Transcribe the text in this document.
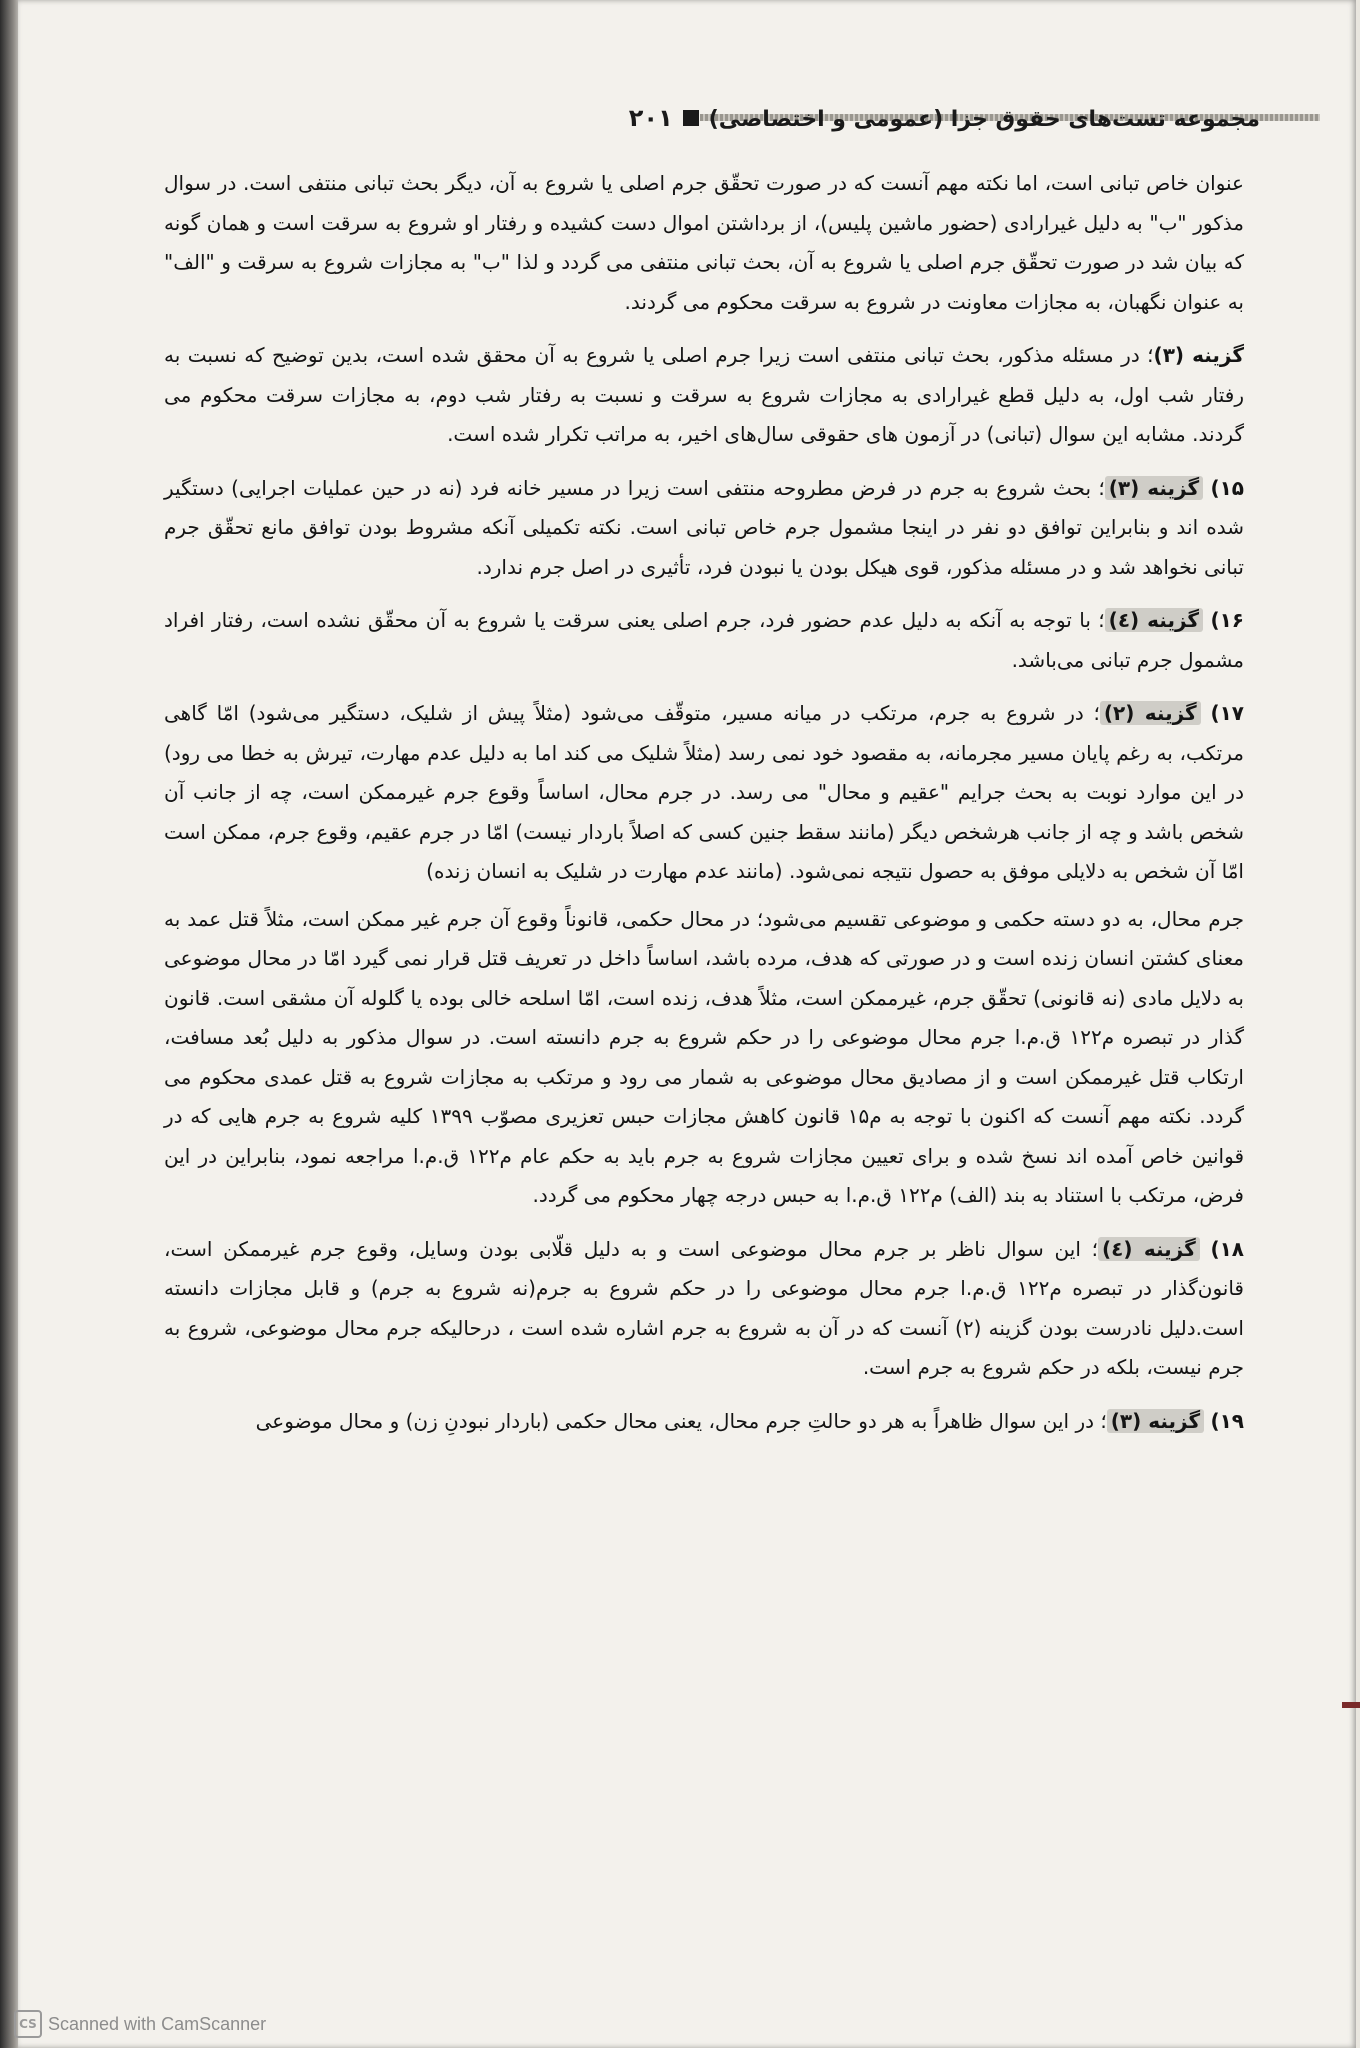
مجموعه تست‌های حقوق جزا (عمومی و اختصاصی)
۲۰۱

عنوان خاص تبانی است، اما نکته مهم آنست که در صورت تحقّق جرم اصلی یا شروع به آن، دیگر بحث تبانی منتفی است. در سوال مذکور "ب" به دلیل غیرارادی (حضور ماشین پلیس)، از برداشتن اموال دست کشیده و رفتار او شروع به سرقت است و همان گونه که بیان شد در صورت تحقّق جرم اصلی یا شروع به آن، بحث تبانی منتفی می گردد و لذا "ب" به مجازات شروع به سرقت و "الف" به عنوان نگهبان، به مجازات معاونت در شروع به سرقت محکوم می گردند.

گزینه (۳)؛ در مسئله مذکور، بحث تبانی منتفی است زیرا جرم اصلی یا شروع به آن محقق شده است، بدین توضیح که نسبت به رفتار شب اول، به دلیل قطع غیرارادی به مجازات شروع به سرقت و نسبت به رفتار شب دوم، به مجازات سرقت محکوم می گردند. مشابه این سوال (تبانی) در آزمون های حقوقی سال‌های اخیر، به مراتب تکرار شده است.

۱۵) گزینه (۳)؛ بحث شروع به جرم در فرض مطروحه منتفی است زیرا در مسیر خانه فرد (نه در حین عملیات اجرایی) دستگیر شده اند و بنابراین توافق دو نفر در اینجا مشمول جرم خاص تبانی است. نکته تکمیلی آنکه مشروط بودن توافق مانع تحقّق جرم تبانی نخواهد شد و در مسئله مذکور، قوی هیکل بودن یا نبودن فرد، تأثیری در اصل جرم ندارد.

۱۶) گزینه (٤)؛ با توجه به آنکه به دلیل عدم حضور فرد، جرم اصلی یعنی سرقت یا شروع به آن محقّق نشده است، رفتار افراد مشمول جرم تبانی می‌باشد.

۱۷) گزینه (۲)؛ در شروع به جرم، مرتکب در میانه مسیر، متوقّف می‌شود (مثلاً پیش از شلیک، دستگیر می‌شود) امّا گاهی مرتکب، به رغم پایان مسیر مجرمانه، به مقصود خود نمی رسد (مثلاً شلیک می کند اما به دلیل عدم مهارت، تیرش به خطا می رود) در این موارد نوبت به بحث جرایم "عقیم و محال" می رسد. در جرم محال، اساساً وقوع جرم غیرممکن است، چه از جانب آن شخص باشد و چه از جانب هرشخص دیگر (مانند سقط جنین کسی که اصلاً باردار نیست) امّا در جرم عقیم، وقوع جرم، ممکن است امّا آن شخص به دلایلی موفق به حصول نتیجه نمی‌شود. (مانند عدم مهارت در شلیک به انسان زنده)

جرم محال، به دو دسته حکمی و موضوعی تقسیم می‌شود؛ در محال حکمی، قانوناً وقوع آن جرم غیر ممکن است، مثلاً قتل عمد به معنای کشتن انسان زنده است و در صورتی که هدف، مرده باشد، اساساً داخل در تعریف قتل قرار نمی گیرد امّا در محال موضوعی به دلایل مادی (نه قانونی) تحقّق جرم، غیرممکن است، مثلاً هدف، زنده است، امّا اسلحه خالی بوده یا گلوله آن مشقی است. قانون گذار در تبصره م۱۲۲ ق.م.ا جرم محال موضوعی را در حکم شروع به جرم دانسته است. در سوال مذکور به دلیل بُعد مسافت، ارتکاب قتل غیرممکن است و از مصادیق محال موضوعی به شمار می رود و مرتکب به مجازات شروع به قتل عمدی محکوم می گردد. نکته مهم آنست که اکنون با توجه به م۱۵ قانون کاهش مجازات حبس تعزیری مصوّب ۱۳۹۹ کلیه شروع به جرم هایی که در قوانین خاص آمده اند نسخ شده و برای تعیین مجازات شروع به جرم باید به حکم عام م۱۲۲ ق.م.ا مراجعه نمود، بنابراین در این فرض، مرتکب با استناد به بند (الف) م۱۲۲ ق.م.ا به حبس درجه چهار محکوم می گردد.

۱۸) گزینه (٤)؛ این سوال ناظر بر جرم محال موضوعی است و به دلیل قلّابی بودن وسایل، وقوع جرم غیرممکن است، قانون‌گذار در تبصره م۱۲۲ ق.م.ا جرم محال موضوعی را در حکم شروع به جرم(نه شروع به جرم) و قابل مجازات دانسته است.دلیل نادرست بودن گزینه (۲) آنست که در آن به شروع به جرم اشاره شده است ، درحالیکه جرم محال موضوعی، شروع به جرم نیست، بلکه در حکم شروع به جرم است.

۱۹) گزینه (۳)؛ در این سوال ظاهراً به هر دو حالتِ جرم محال، یعنی محال حکمی (باردار نبودنِ زن) و محال موضوعی

CS Scanned with CamScanner
